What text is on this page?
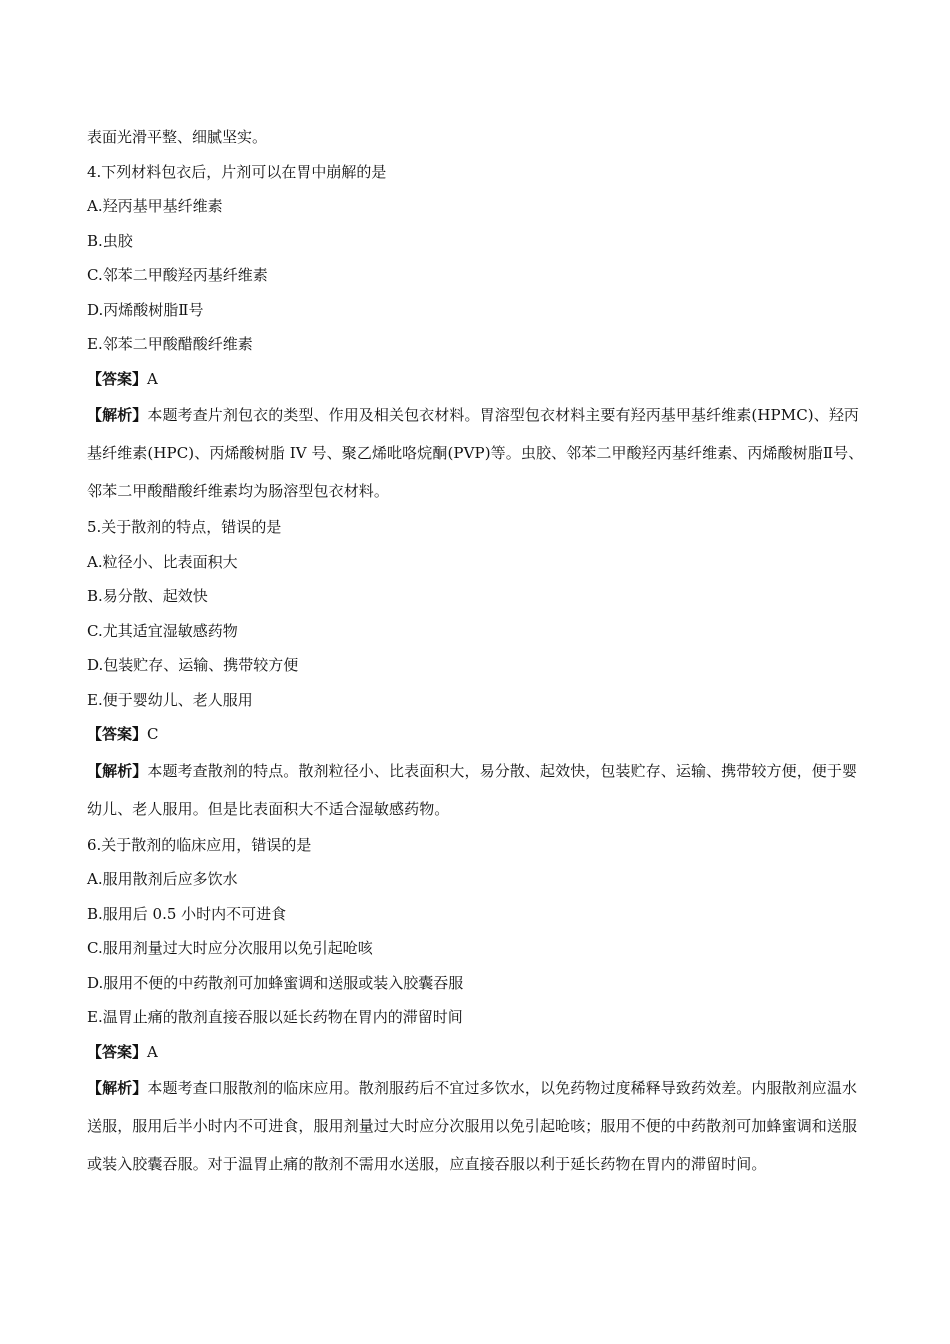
表面光滑平整、细腻坚实。
4.下列材料包衣后，片剂可以在胃中崩解的是
A.羟丙基甲基纤维素
B.虫胶
C.邻苯二甲酸羟丙基纤维素
D.丙烯酸树脂Ⅱ号
E.邻苯二甲酸醋酸纤维素
【答案】A
【解析】本题考查片剂包衣的类型、作用及相关包衣材料。胃溶型包衣材料主要有羟丙基甲基纤维素(HPMC)、羟丙基纤维素(HPC)、丙烯酸树脂 IV 号、聚乙烯吡咯烷酮(PVP)等。虫胶、邻苯二甲酸羟丙基纤维素、丙烯酸树脂Ⅱ号、邻苯二甲酸醋酸纤维素均为肠溶型包衣材料。
5.关于散剂的特点，错误的是
A.粒径小、比表面积大
B.易分散、起效快
C.尤其适宜湿敏感药物
D.包装贮存、运输、携带较方便
E.便于婴幼儿、老人服用
【答案】C
【解析】本题考查散剂的特点。散剂粒径小、比表面积大，易分散、起效快，包装贮存、运输、携带较方便，便于婴幼儿、老人服用。但是比表面积大不适合湿敏感药物。
6.关于散剂的临床应用，错误的是
A.服用散剂后应多饮水
B.服用后 0.5 小时内不可进食
C.服用剂量过大时应分次服用以免引起呛咳
D.服用不便的中药散剂可加蜂蜜调和送服或装入胶囊吞服
E.温胃止痛的散剂直接吞服以延长药物在胃内的滞留时间
【答案】A
【解析】本题考查口服散剂的临床应用。散剂服药后不宜过多饮水，以免药物过度稀释导致药效差。内服散剂应温水送服，服用后半小时内不可进食，服用剂量过大时应分次服用以免引起呛咳；服用不便的中药散剂可加蜂蜜调和送服或装入胶囊吞服。对于温胃止痛的散剂不需用水送服，应直接吞服以利于延长药物在胃内的滞留时间。
